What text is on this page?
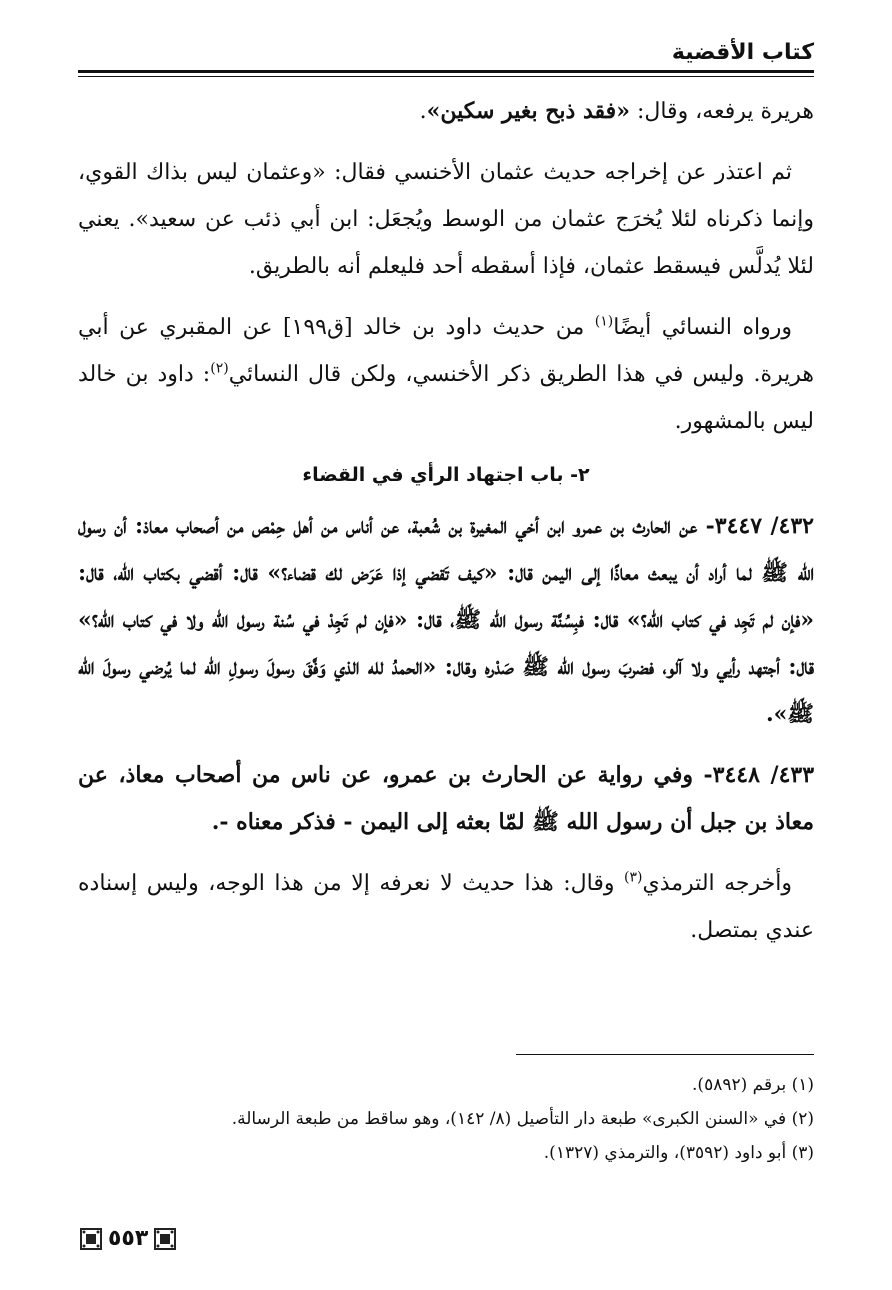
كتاب الأقضية

هريرة يرفعه، وقال: «فقد ذبح بغير سكين».

ثم اعتذر عن إخراجه حديث عثمان الأخنسي فقال: «وعثمان ليس بذاك القوي، وإنما ذكرناه لئلا يُخرَج عثمان من الوسط ويُجعَل: ابن أبي ذئب عن سعيد». يعني لئلا يُدلَّس فيسقط عثمان، فإذا أسقطه أحد فليعلم أنه بالطريق.

ورواه النسائي أيضًا$^{(١)}$ من حديث داود بن خالد [ق١٩٩] عن المقبري عن أبي هريرة. وليس في هذا الطريق ذكر الأخنسي، ولكن قال النسائي$^{(٢)}$: داود بن خالد ليس بالمشهور.

٢- باب اجتهاد الرأي في القضاء

٤٣٢/ ٣٤٤٧- عن الحارث بن عمرو ابن أخي المغيرة بن شُعبة، عن أناس من أهل حِمْص من أصحاب معاذ: أن رسول الله ﷺ لما أراد أن يبعث معاذًا إلى اليمن قال: «كيف تَقضي إذا عَرَض لك قضاء؟» قال: أقضي بكتاب الله، قال: «فإن لم تَجِد في كتاب الله؟» قال: فبِسُنَّة رسول الله ﷺ، قال: «فإن لم تَجِدْ في سُنة رسول الله ولا في كتاب الله؟» قال: أجتهد رأيي ولا آلو، فضربَ رسول الله ﷺ صَدْره وقال: «الحمدُ لله الذي وَفَّقَ رسولَ رسولِ الله لما يُرضي رسولَ الله ﷺ».

٤٣٣/ ٣٤٤٨- وفي رواية عن الحارث بن عمرو، عن ناس من أصحاب معاذ، عن معاذ بن جبل أن رسول الله ﷺ لمّا بعثه إلى اليمن - فذكر معناه -.

وأخرجه الترمذي$^{(٣)}$ وقال: هذا حديث لا نعرفه إلا من هذا الوجه، وليس إسناده عندي بمتصل.

(١) برقم (٥٨٩٢).
(٢) في «السنن الكبرى» طبعة دار التأصيل (٨/ ١٤٢)، وهو ساقط من طبعة الرسالة.
(٣) أبو داود (٣٥٩٢)، والترمذي (١٣٢٧).
٥٥٣
